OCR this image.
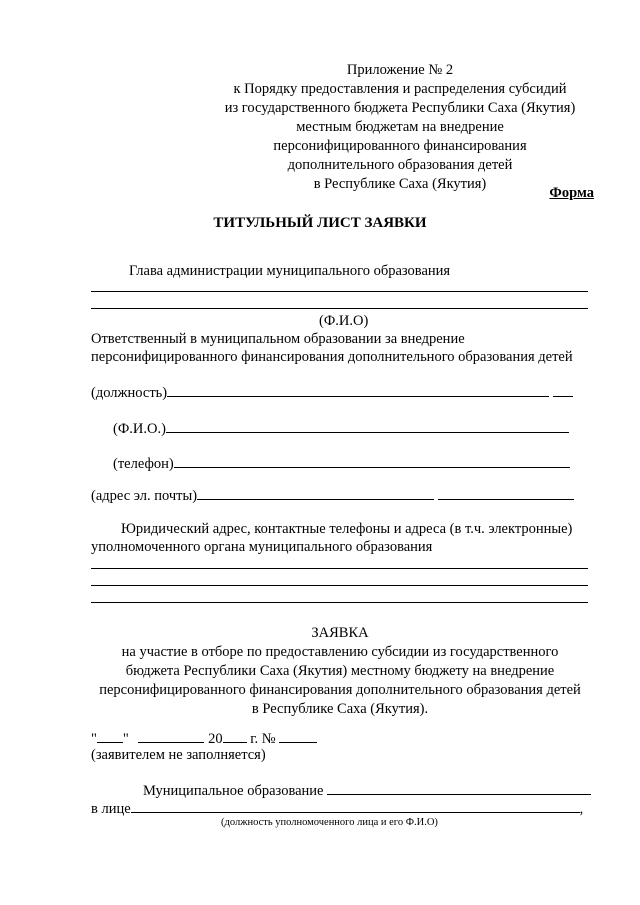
Приложение № 2
к Порядку предоставления и распределения субсидий
из государственного бюджета Республики Саха (Якутия)
местным бюджетам на внедрение
персонифицированного финансирования
дополнительного образования детей
в Республике Саха (Якутия)
Форма
ТИТУЛЬНЫЙ ЛИСТ ЗАЯВКИ
Глава администрации муниципального образования
(Ф.И.О)
Ответственный в муниципальном образовании за внедрение
персонифицированного финансирования дополнительного образования детей
(должность)
(Ф.И.О.)
(телефон)
(адрес эл. почты)
Юридический адрес, контактные телефоны и адреса (в т.ч. электронные)
уполномоченного органа муниципального образования
ЗАЯВКА
на участие в отборе по предоставлению субсидии из государственного
бюджета Республики Саха (Якутия) местному бюджету на внедрение
персонифицированного финансирования дополнительного образования детей
в Республике Саха (Якутия).
" "	20 г. №
(заявителем не заполняется)
Муниципальное образование
в лице	,
(должность уполномоченного лица и его Ф.И.О)
